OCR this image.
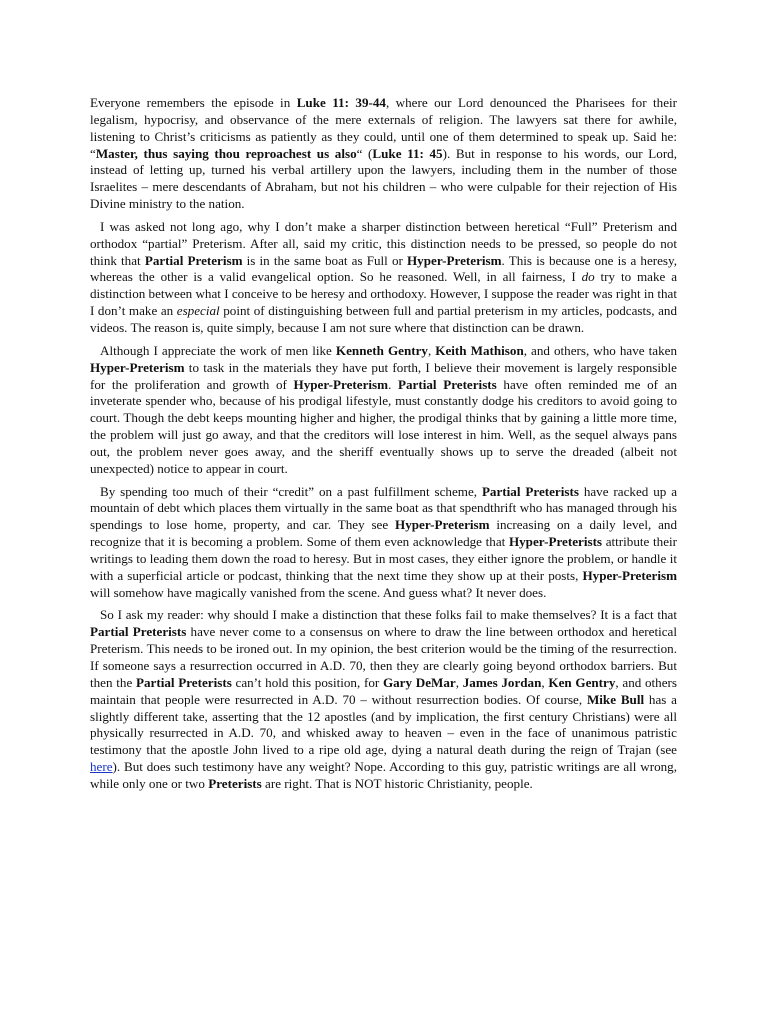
Everyone remembers the episode in Luke 11: 39-44, where our Lord denounced the Pharisees for their legalism, hypocrisy, and observance of the mere externals of religion. The lawyers sat there for awhile, listening to Christ’s criticisms as patiently as they could, until one of them determined to speak up. Said he: “Master, thus saying thou reproachest us also“ (Luke 11: 45). But in response to his words, our Lord, instead of letting up, turned his verbal artillery upon the lawyers, including them in the number of those Israelites – mere descendants of Abraham, but not his children – who were culpable for their rejection of His Divine ministry to the nation.

I was asked not long ago, why I don’t make a sharper distinction between heretical “Full” Preterism and orthodox “partial” Preterism. After all, said my critic, this distinction needs to be pressed, so people do not think that Partial Preterism is in the same boat as Full or Hyper-Preterism. This is because one is a heresy, whereas the other is a valid evangelical option. So he reasoned. Well, in all fairness, I do try to make a distinction between what I conceive to be heresy and orthodoxy. However, I suppose the reader was right in that I don’t make an especial point of distinguishing between full and partial preterism in my articles, podcasts, and videos. The reason is, quite simply, because I am not sure where that distinction can be drawn.

Although I appreciate the work of men like Kenneth Gentry, Keith Mathison, and others, who have taken Hyper-Preterism to task in the materials they have put forth, I believe their movement is largely responsible for the proliferation and growth of Hyper-Preterism. Partial Preterists have often reminded me of an inveterate spender who, because of his prodigal lifestyle, must constantly dodge his creditors to avoid going to court. Though the debt keeps mounting higher and higher, the prodigal thinks that by gaining a little more time, the problem will just go away, and that the creditors will lose interest in him. Well, as the sequel always pans out, the problem never goes away, and the sheriff eventually shows up to serve the dreaded (albeit not unexpected) notice to appear in court.

By spending too much of their “credit” on a past fulfillment scheme, Partial Preterists have racked up a mountain of debt which places them virtually in the same boat as that spendthrift who has managed through his spendings to lose home, property, and car. They see Hyper-Preterism increasing on a daily level, and recognize that it is becoming a problem. Some of them even acknowledge that Hyper-Preterists attribute their writings to leading them down the road to heresy. But in most cases, they either ignore the problem, or handle it with a superficial article or podcast, thinking that the next time they show up at their posts, Hyper-Preterism will somehow have magically vanished from the scene. And guess what? It never does.

So I ask my reader: why should I make a distinction that these folks fail to make themselves? It is a fact that Partial Preterists have never come to a consensus on where to draw the line between orthodox and heretical Preterism. This needs to be ironed out. In my opinion, the best criterion would be the timing of the resurrection. If someone says a resurrection occurred in A.D. 70, then they are clearly going beyond orthodox barriers. But then the Partial Preterists can’t hold this position, for Gary DeMar, James Jordan, Ken Gentry, and others maintain that people were resurrected in A.D. 70 – without resurrection bodies. Of course, Mike Bull has a slightly different take, asserting that the 12 apostles (and by implication, the first century Christians) were all physically resurrected in A.D. 70, and whisked away to heaven – even in the face of unanimous patristic testimony that the apostle John lived to a ripe old age, dying a natural death during the reign of Trajan (see here). But does such testimony have any weight? Nope. According to this guy, patristic writings are all wrong, while only one or two Preterists are right. That is NOT historic Christianity, people.
